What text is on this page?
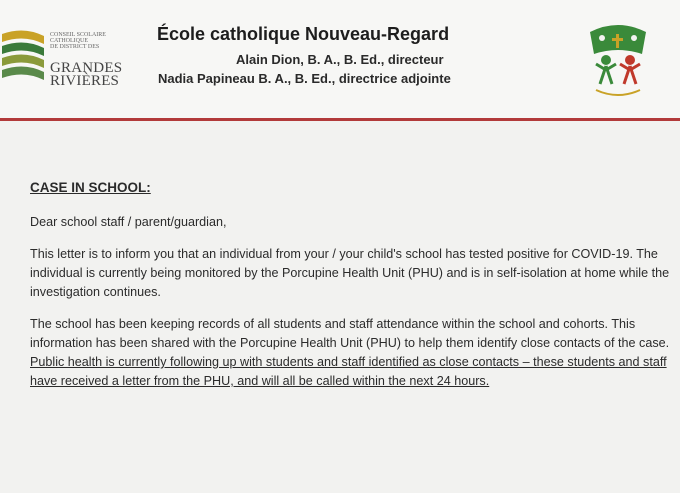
CONSEIL SCOLAIRE
CATHOLIQUE
DE DISTRICT DES
GRANDES
RIVIÈRES
École catholique Nouveau-Regard
Alain Dion, B. A., B. Ed., directeur
Nadia Papineau B. A., B. Ed., directrice adjointe
CASE IN SCHOOL:
Dear school staff / parent/guardian,
This letter is to inform you that an individual from your / your child's school has tested positive for COVID-19. The individual is currently being monitored by the Porcupine Health Unit (PHU) and is in self-isolation at home while the investigation continues.
The school has been keeping records of all students and staff attendance within the school and cohorts. This information has been shared with the Porcupine Health Unit (PHU) to help them identify close contacts of the case. Public health is currently following up with students and staff identified as close contacts – these students and staff have received a letter from the PHU, and will all be called within the next 24 hours.
